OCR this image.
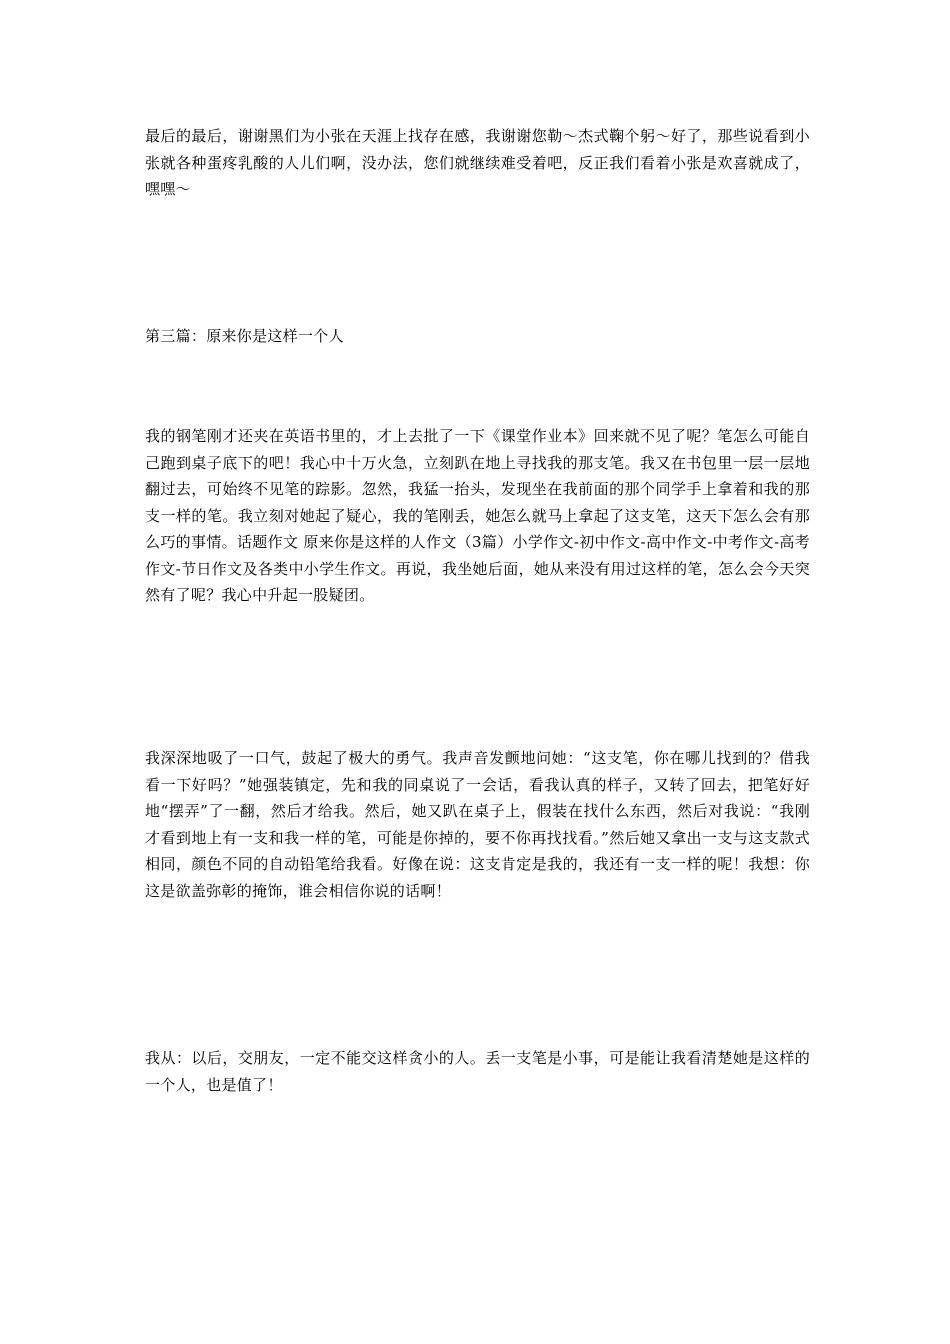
最后的最后，谢谢黑们为小张在天涯上找存在感，我谢谢您勒～杰式鞠个躬～好了，那些说看到小张就各种蛋疼乳酸的人儿们啊，没办法，您们就继续难受着吧，反正我们看着小张是欢喜就成了，嘿嘿～

第三篇：原来你是这样一个人

我的钢笔刚才还夹在英语书里的，才上去批了一下《课堂作业本》回来就不见了呢？笔怎么可能自己跑到桌子底下的吧！我心中十万火急，立刻趴在地上寻找我的那支笔。我又在书包里一层一层地翻过去，可始终不见笔的踪影。忽然，我猛一抬头，发现坐在我前面的那个同学手上拿着和我的那支一样的笔。我立刻对她起了疑心，我的笔刚丢，她怎么就马上拿起了这支笔，这天下怎么会有那么巧的事情。话题作文 原来你是这样的人作文（3篇）小学作文-初中作文-高中作文-中考作文-高考作文-节日作文及各类中小学生作文。再说，我坐她后面，她从来没有用过这样的笔，怎么会今天突然有了呢？我心中升起一股疑团。

我深深地吸了一口气，鼓起了极大的勇气。我声音发颤地问她：“这支笔，你在哪儿找到的？借我看一下好吗？”她强装镇定，先和我的同桌说了一会话，看我认真的样子，又转了回去，把笔好好地“摆弄”了一翻，然后才给我。然后，她又趴在桌子上，假装在找什么东西，然后对我说：“我刚才看到地上有一支和我一样的笔，可能是你掉的，要不你再找找看。”然后她又拿出一支与这支款式相同，颜色不同的自动铅笔给我看。好像在说：这支肯定是我的，我还有一支一样的呢！我想：你这是欲盖弥彰的掩饰，谁会相信你说的话啊！

我从：以后，交朋友，一定不能交这样贪小的人。丢一支笔是小事，可是能让我看清楚她是这样的一个人，也是值了！
